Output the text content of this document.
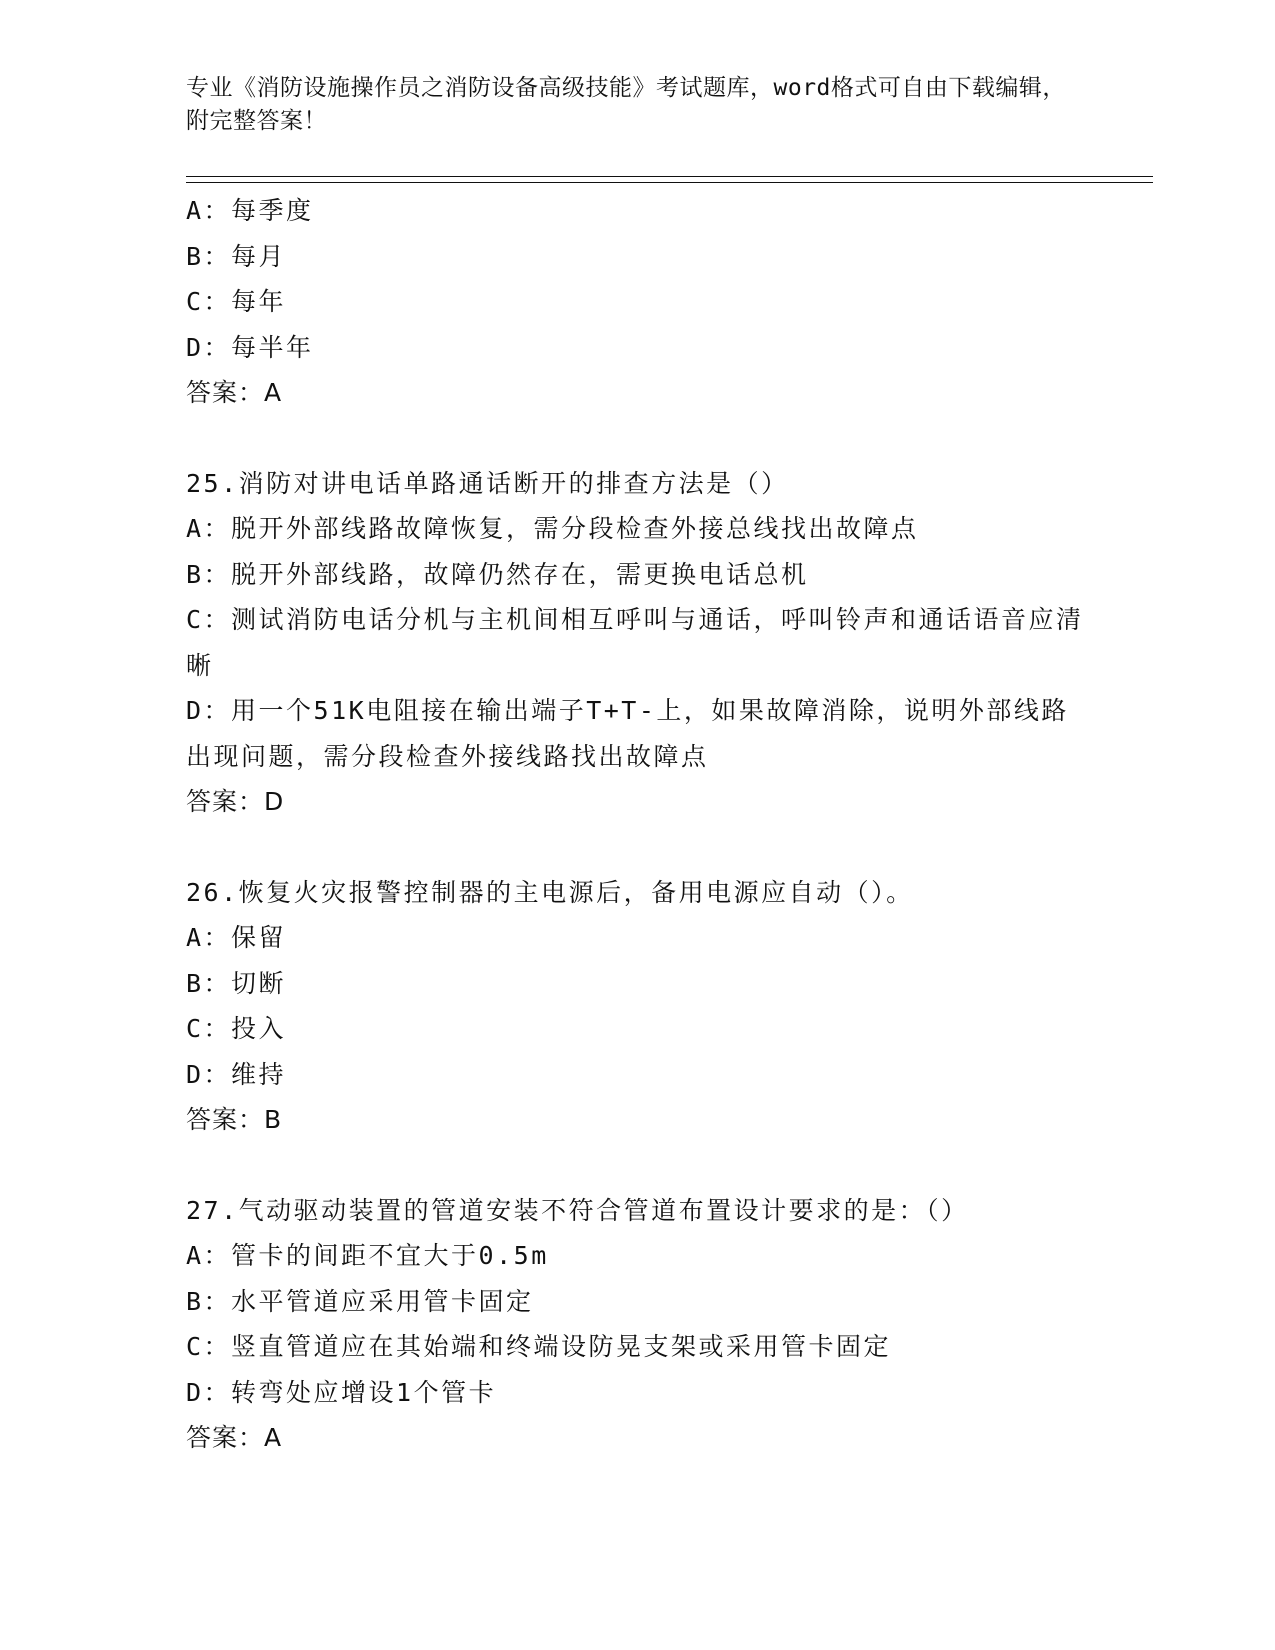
专业《消防设施操作员之消防设备高级技能》考试题库，word格式可自由下载编辑，附完整答案！
A：每季度
B：每月
C：每年
D：每半年
答案：A
25.消防对讲电话单路通话断开的排查方法是（）
A：脱开外部线路故障恢复，需分段检查外接总线找出故障点
B：脱开外部线路，故障仍然存在，需更换电话总机
C：测试消防电话分机与主机间相互呼叫与通话，呼叫铃声和通话语音应清晰
D：用一个51K电阻接在输出端子T+T-上，如果故障消除，说明外部线路出现问题，需分段检查外接线路找出故障点
答案：D
26.恢复火灾报警控制器的主电源后，备用电源应自动（）。
A：保留
B：切断
C：投入
D：维持
答案：B
27.气动驱动装置的管道安装不符合管道布置设计要求的是：（）
A：管卡的间距不宜大于0.5m
B：水平管道应采用管卡固定
C：竖直管道应在其始端和终端设防晃支架或采用管卡固定
D：转弯处应增设1个管卡
答案：A
